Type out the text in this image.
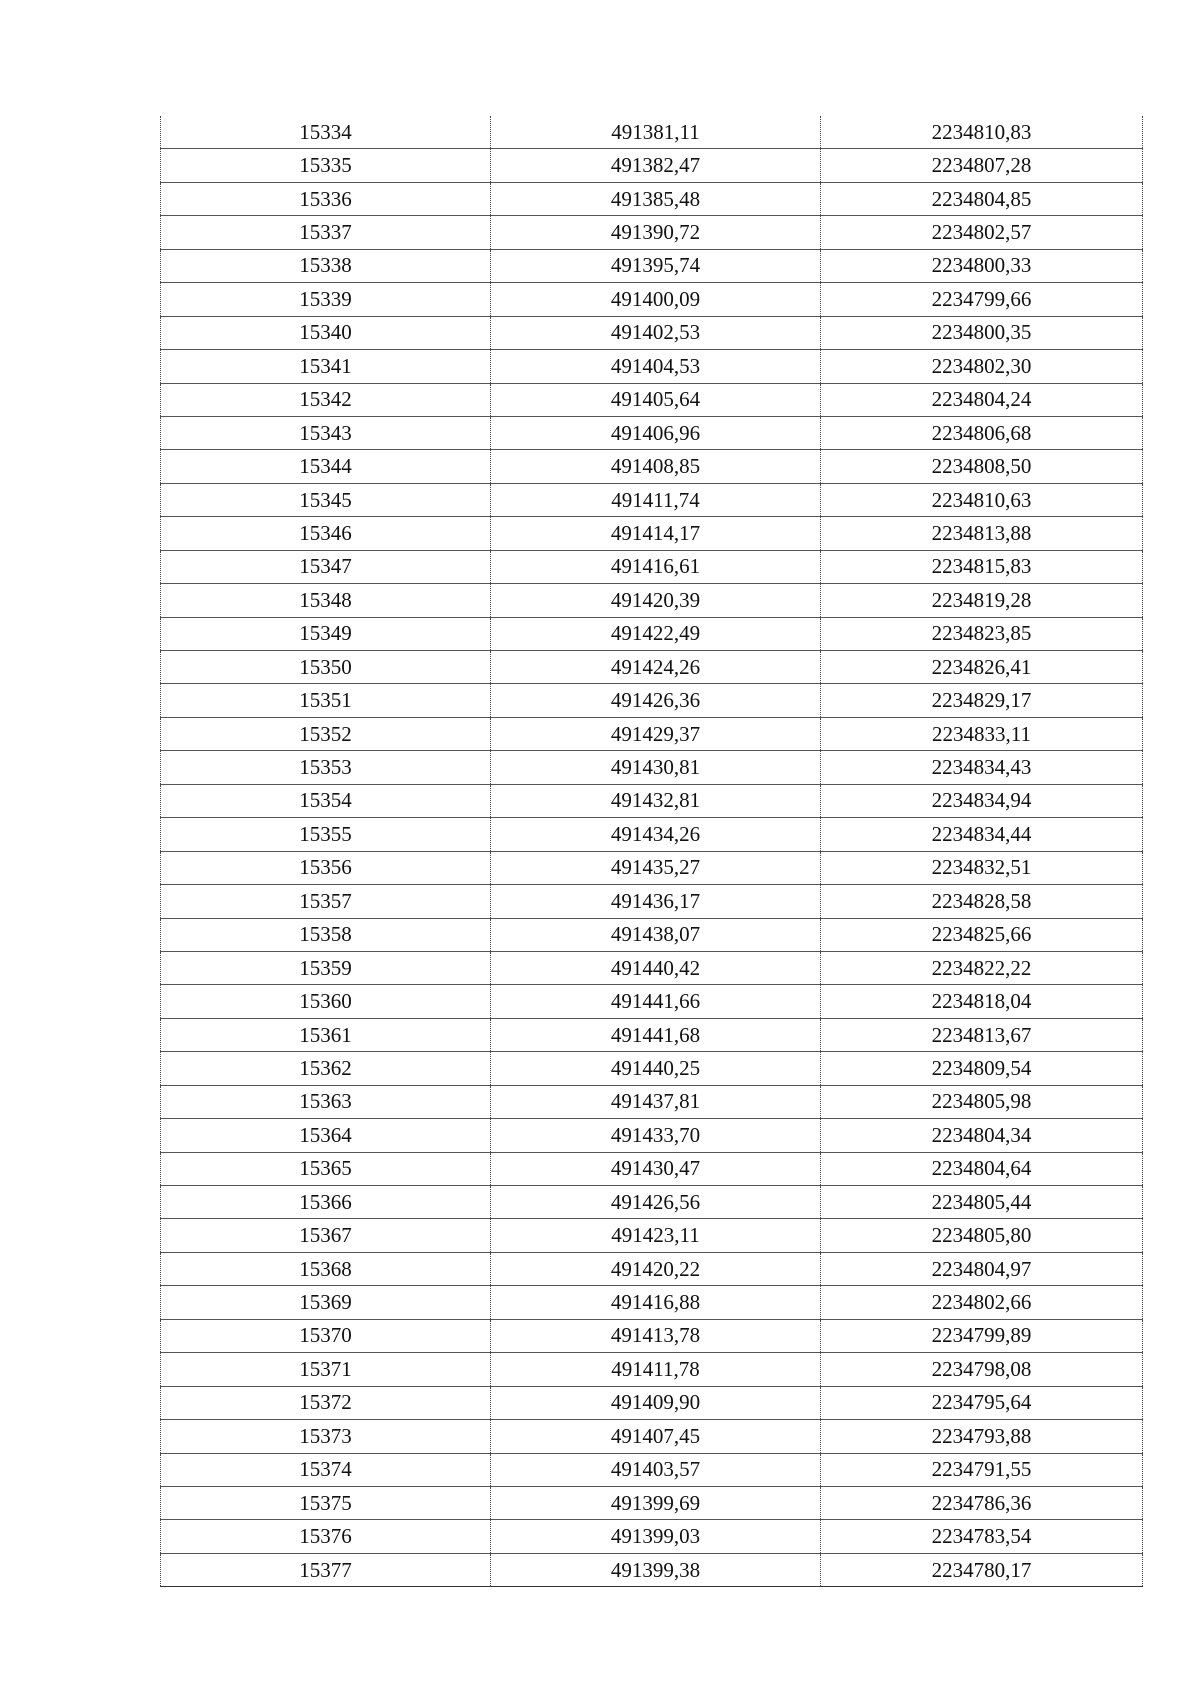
15334	491381,11	2234810,83
15335	491382,47	2234807,28
15336	491385,48	2234804,85
15337	491390,72	2234802,57
15338	491395,74	2234800,33
15339	491400,09	2234799,66
15340	491402,53	2234800,35
15341	491404,53	2234802,30
15342	491405,64	2234804,24
15343	491406,96	2234806,68
15344	491408,85	2234808,50
15345	491411,74	2234810,63
15346	491414,17	2234813,88
15347	491416,61	2234815,83
15348	491420,39	2234819,28
15349	491422,49	2234823,85
15350	491424,26	2234826,41
15351	491426,36	2234829,17
15352	491429,37	2234833,11
15353	491430,81	2234834,43
15354	491432,81	2234834,94
15355	491434,26	2234834,44
15356	491435,27	2234832,51
15357	491436,17	2234828,58
15358	491438,07	2234825,66
15359	491440,42	2234822,22
15360	491441,66	2234818,04
15361	491441,68	2234813,67
15362	491440,25	2234809,54
15363	491437,81	2234805,98
15364	491433,70	2234804,34
15365	491430,47	2234804,64
15366	491426,56	2234805,44
15367	491423,11	2234805,80
15368	491420,22	2234804,97
15369	491416,88	2234802,66
15370	491413,78	2234799,89
15371	491411,78	2234798,08
15372	491409,90	2234795,64
15373	491407,45	2234793,88
15374	491403,57	2234791,55
15375	491399,69	2234786,36
15376	491399,03	2234783,54
15377	491399,38	2234780,17
